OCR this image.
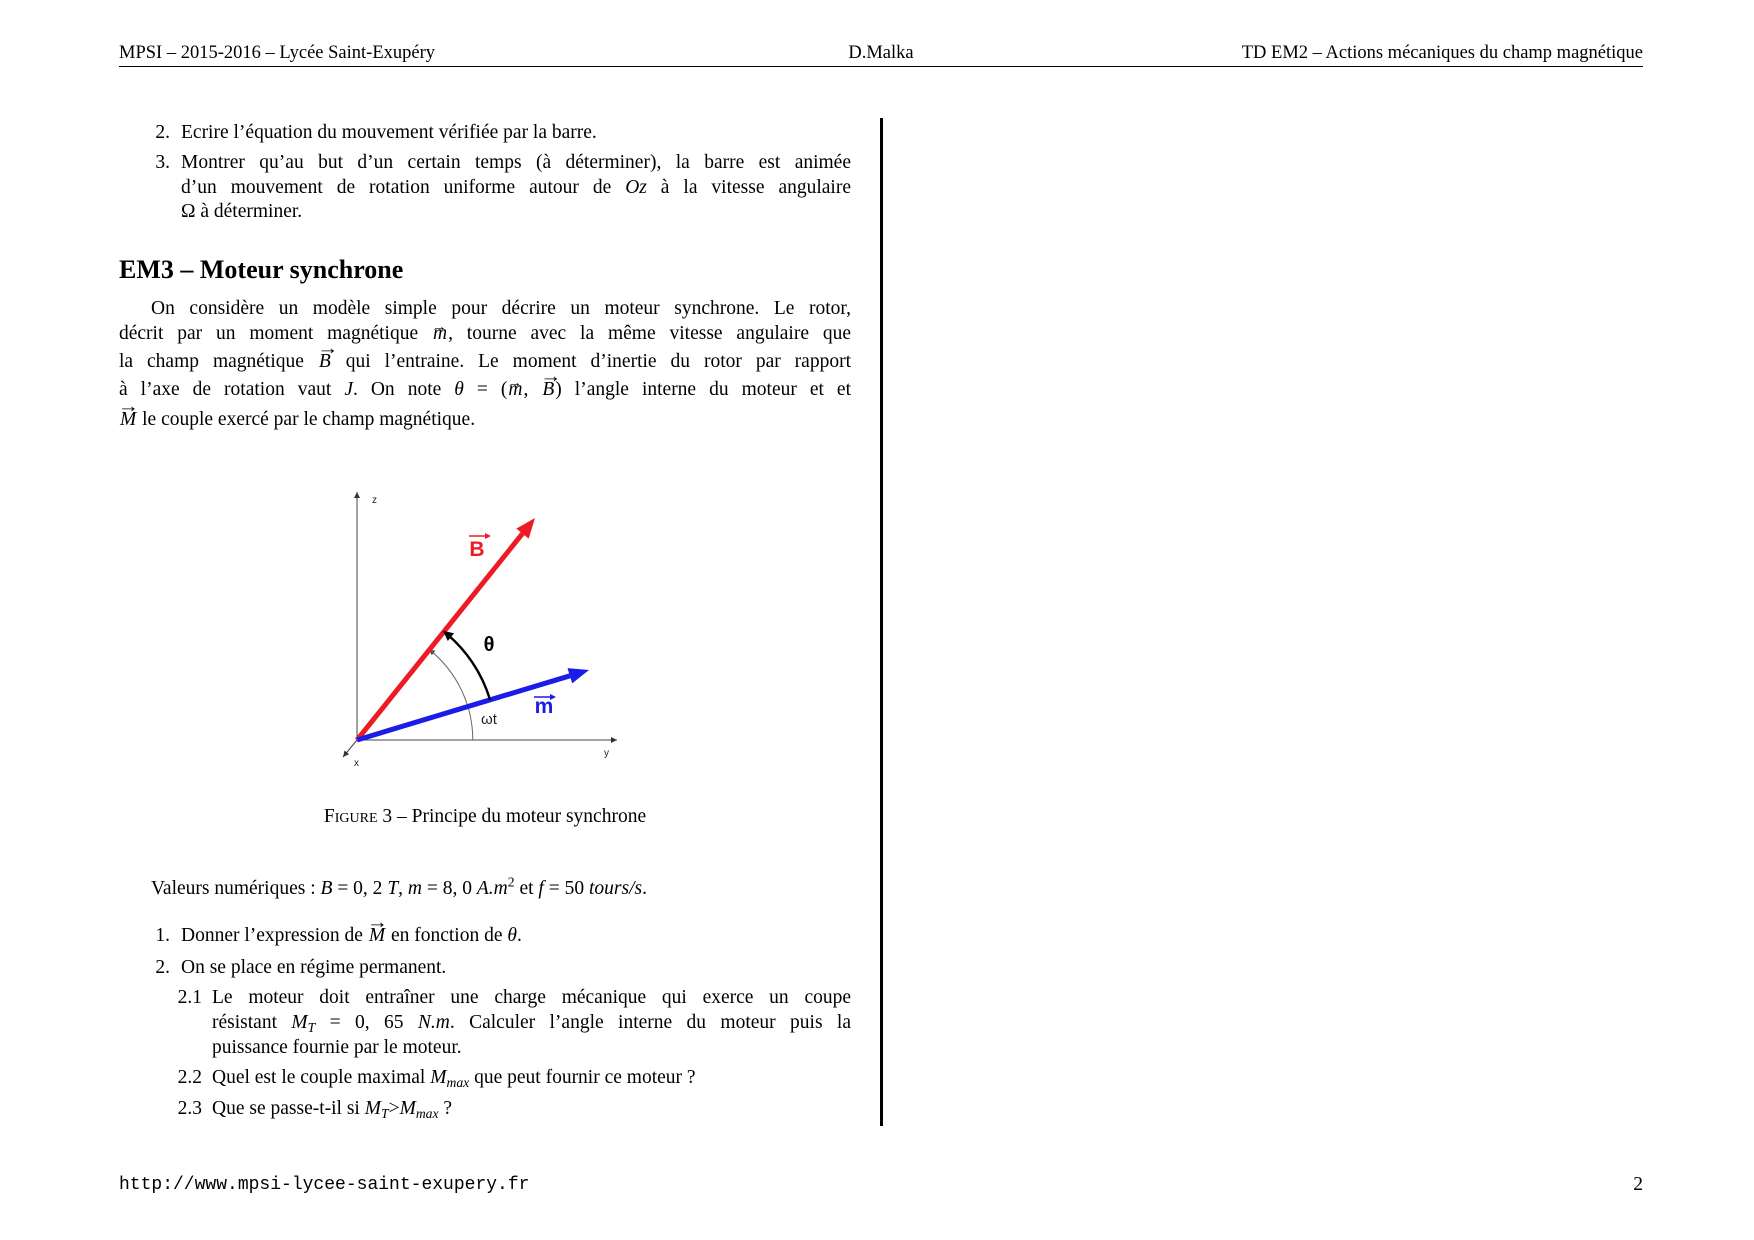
MPSI – 2015-2016 – Lycée Saint-Exupéry	D.Malka	TD EM2 – Actions mécaniques du champ magnétique
2. Ecrire l’équation du mouvement vérifiée par la barre.
3. Montrer qu’au but d’un certain temps (à déterminer), la barre est animée
d’un mouvement de rotation uniforme autour de Oz à la vitesse angulaire
Ω à déterminer.
EM3 – Moteur synchrone
On considère un modèle simple pour décrire un moteur synchrone. Le rotor,
décrit par un moment magnétique → m, tourne avec la même vitesse angulaire que
la champ magnétique → B qui l’entraine. Le moment d’inertie du rotor par rapport
à l’axe de rotation vaut J. On note θ = (→ m, → B) l’angle interne du moteur et et
→ M le couple exercé par le champ magnétique.
z
y
x
B
m
θ
ωt
Figure 3 – Principe du moteur synchrone
Valeurs numériques : B = 0, 2 T, m = 8, 0 $A.m^2$ et f = 50 tours/s.
1. Donner l’expression de → M en fonction de θ.
2. On se place en régime permanent.
2.1 Le moteur doit entraîner une charge mécanique qui exerce un coupe
résistant $M_T = 0$, 65 N.m. Calculer l’angle interne du moteur puis la
puissance fournie par le moteur.
2.2 Quel est le couple maximal $M_{max}$ que peut fournir ce moteur ?
2.3 Que se passe-t-il si $M_T>M_{max}$ ?
http://www.mpsi-lycee-saint-exupery.fr	2
